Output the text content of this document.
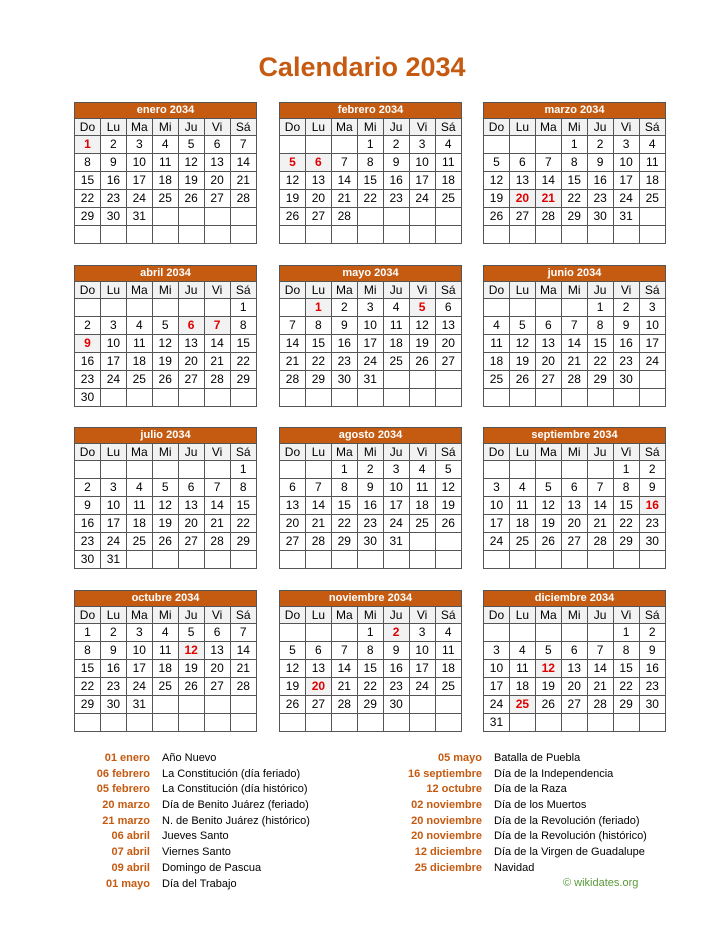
Calendario 2034
enero 2034						
Do	Lu	Ma	Mi	Ju	Vi	Sá
1	2	3	4	5	6	7
8	9	10	11	12	13	14
15	16	17	18	19	20	21
22	23	24	25	26	27	28
29	30	31				

febrero 2034						
Do	Lu	Ma	Mi	Ju	Vi	Sá
			1	2	3	4
5	6	7	8	9	10	11
12	13	14	15	16	17	18
19	20	21	22	23	24	25
26	27	28				

marzo 2034						
Do	Lu	Ma	Mi	Ju	Vi	Sá
			1	2	3	4
5	6	7	8	9	10	11
12	13	14	15	16	17	18
19	20	21	22	23	24	25
26	27	28	29	30	31	

abril 2034						
Do	Lu	Ma	Mi	Ju	Vi	Sá
						1
2	3	4	5	6	7	8
9	10	11	12	13	14	15
16	17	18	19	20	21	22
23	24	25	26	27	28	29
30						
mayo 2034						
Do	Lu	Ma	Mi	Ju	Vi	Sá
	1	2	3	4	5	6
7	8	9	10	11	12	13
14	15	16	17	18	19	20
21	22	23	24	25	26	27
28	29	30	31			

junio 2034						
Do	Lu	Ma	Mi	Ju	Vi	Sá
				1	2	3
4	5	6	7	8	9	10
11	12	13	14	15	16	17
18	19	20	21	22	23	24
25	26	27	28	29	30	

julio 2034						
Do	Lu	Ma	Mi	Ju	Vi	Sá
						1
2	3	4	5	6	7	8
9	10	11	12	13	14	15
16	17	18	19	20	21	22
23	24	25	26	27	28	29
30	31					
agosto 2034						
Do	Lu	Ma	Mi	Ju	Vi	Sá
		1	2	3	4	5
6	7	8	9	10	11	12
13	14	15	16	17	18	19
20	21	22	23	24	25	26
27	28	29	30	31		

septiembre 2034						
Do	Lu	Ma	Mi	Ju	Vi	Sá
					1	2
3	4	5	6	7	8	9
10	11	12	13	14	15	16
17	18	19	20	21	22	23
24	25	26	27	28	29	30

octubre 2034						
Do	Lu	Ma	Mi	Ju	Vi	Sá
1	2	3	4	5	6	7
8	9	10	11	12	13	14
15	16	17	18	19	20	21
22	23	24	25	26	27	28
29	30	31				

noviembre 2034						
Do	Lu	Ma	Mi	Ju	Vi	Sá
			1	2	3	4
5	6	7	8	9	10	11
12	13	14	15	16	17	18
19	20	21	22	23	24	25
26	27	28	29	30		

diciembre 2034						
Do	Lu	Ma	Mi	Ju	Vi	Sá
					1	2
3	4	5	6	7	8	9
10	11	12	13	14	15	16
17	18	19	20	21	22	23
24	25	26	27	28	29	30
31						
01 enero Año Nuevo
06 febrero La Constitución (día feriado)
05 febrero La Constitución (día histórico)
20 marzo Día de Benito Juárez (feriado)
21 marzo N. de Benito Juárez (histórico)
06 abril Jueves Santo
07 abril Viernes Santo
09 abril Domingo de Pascua
01 mayo Día del Trabajo
05 mayo Batalla de Puebla
16 septiembre Día de la Independencia
12 octubre Día de la Raza
02 noviembre Día de los Muertos
20 noviembre Día de la Revolución (feriado)
20 noviembre Día de la Revolución (histórico)
12 diciembre Día de la Virgen de Guadalupe
25 diciembre Navidad
© wikidates.org
